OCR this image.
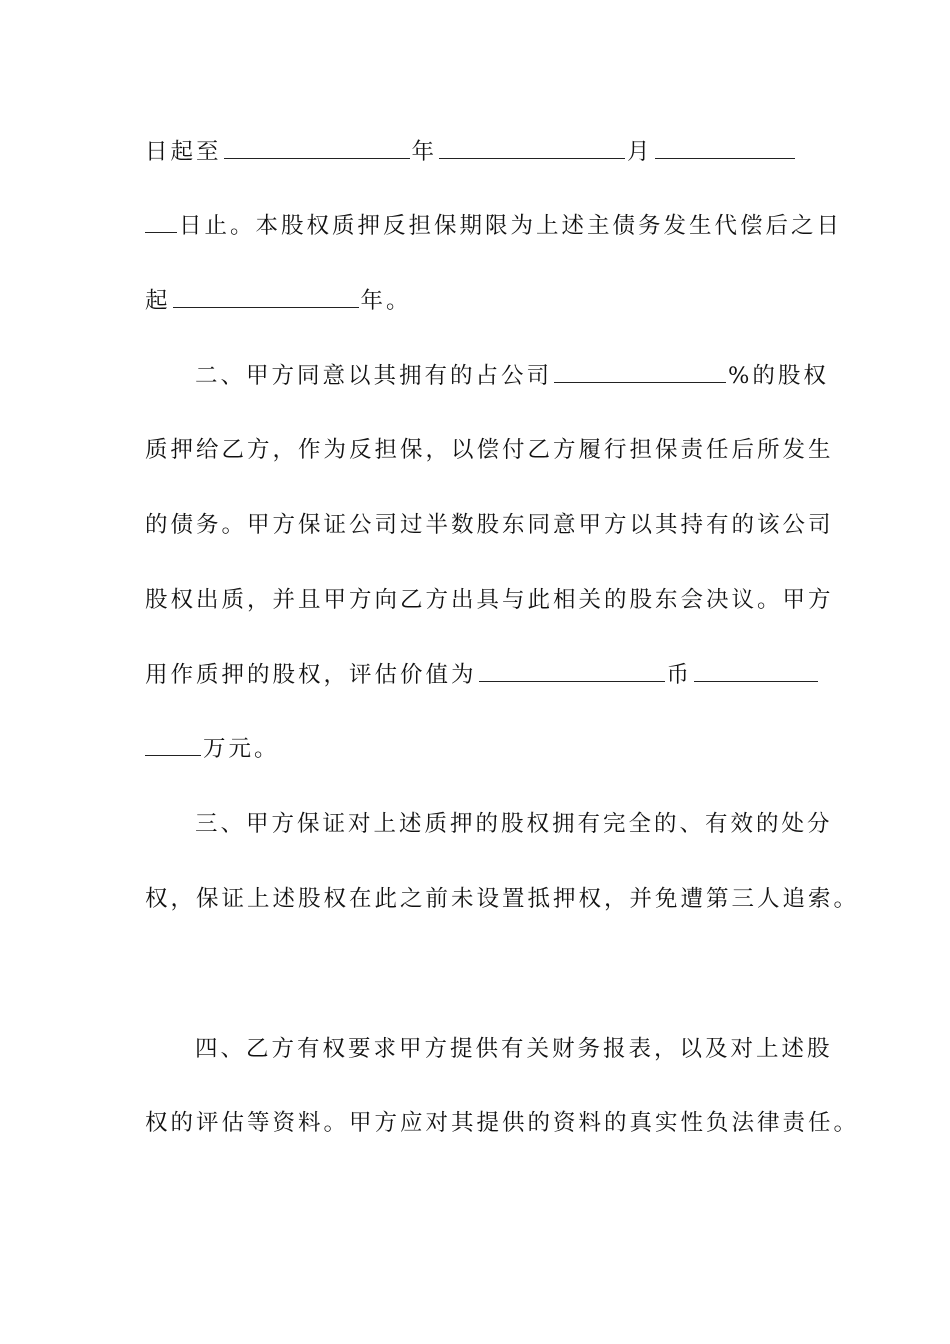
日起至	年	月
日止。本股权质押反担保期限为上述主债务发生代偿后之日
起	年。
二、甲方同意以其拥有的占公司	%的股权
质押给乙方，作为反担保，以偿付乙方履行担保责任后所发生
的债务。甲方保证公司过半数股东同意甲方以其持有的该公司
股权出质，并且甲方向乙方出具与此相关的股东会决议。甲方
用作质押的股权，评估价值为	币
万元。
三、甲方保证对上述质押的股权拥有完全的、有效的处分
权，保证上述股权在此之前未设置抵押权，并免遭第三人追索。
四、乙方有权要求甲方提供有关财务报表，以及对上述股
权的评估等资料。甲方应对其提供的资料的真实性负法律责任。
